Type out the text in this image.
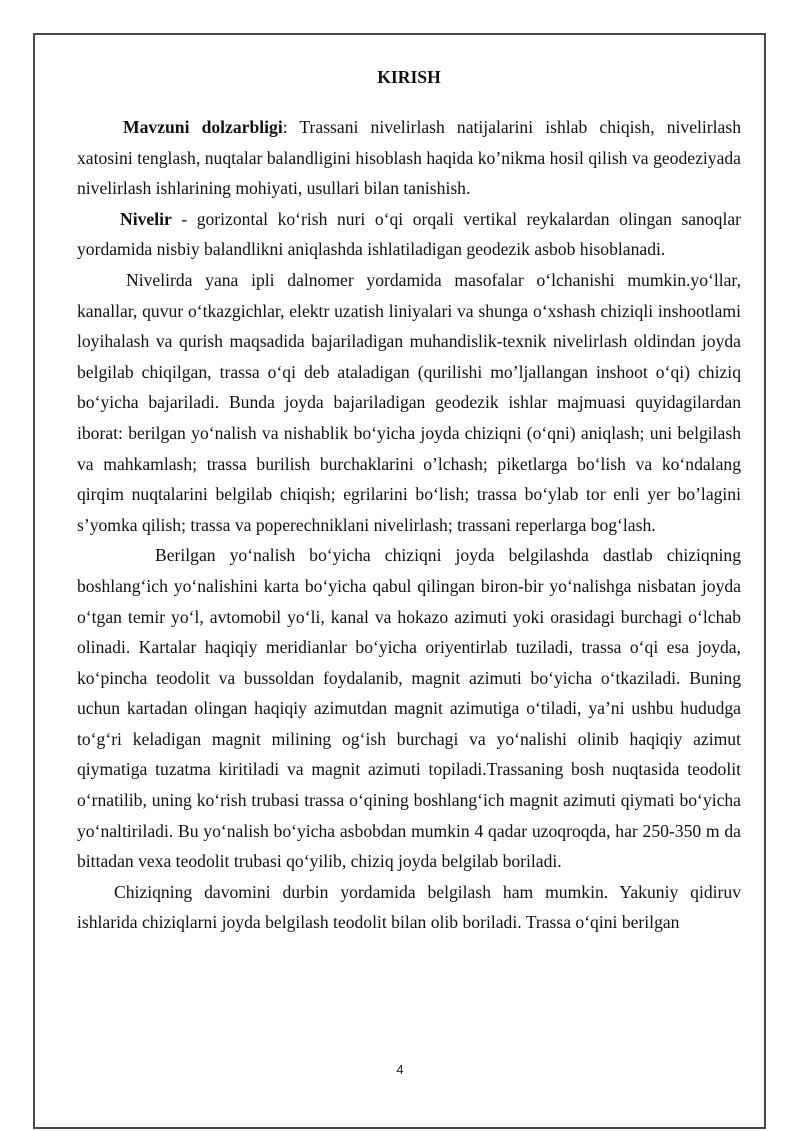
KIRISH

Mavzuni dolzarbligi: Trassani nivelirlash natijalarini ishlab chiqish, nivelirlash xatosini tenglash, nuqtalar balandligini hisoblash haqida ko’nikma hosil qilish va geodeziyada nivelirlash ishlarining mohiyati, usullari bilan tanishish.

Nivelir - gorizontal ko‘rish nuri o‘qi orqali vertikal reykalardan olingan sanoqlar yordamida nisbiy balandlikni aniqlashda ishlatiladigan geodezik asbob hisoblanadi.

Nivelirda yana ipli dalnomer yordamida masofalar o‘lchanishi mumkin.yo‘llar, kanallar, quvur o‘tkazgichlar, elektr uzatish liniyalari va shunga o‘xshash chiziqli inshootlami loyihalash va qurish maqsadida bajariladigan muhandislik-texnik nivelirlash oldindan joyda belgilab chiqilgan, trassa o‘qi deb ataladigan (qurilishi mo’ljallangan inshoot o‘qi) chiziq bo‘yicha bajariladi. Bunda joyda bajariladigan geodezik ishlar majmuasi quyidagilardan iborat: berilgan yo‘nalish va nishablik bo‘yicha joyda chiziqni (o‘qni) aniqlash; uni belgilash va mahkamlash; trassa burilish burchaklarini o’lchash; piketlarga bo‘lish va ko‘ndalang qirqim nuqtalarini belgilab chiqish; egrilarini bo‘lish; trassa bo‘ylab tor enli yer bo’lagini s’yomka qilish; trassa va poperechniklani nivelirlash; trassani reperlarga bog‘lash.

Berilgan yo‘nalish bo‘yicha chiziqni joyda belgilashda dastlab chiziqning boshlang‘ich yo‘nalishini karta bo‘yicha qabul qilingan biron-bir yo‘nalishga nisbatan joyda o‘tgan temir yo‘l, avtomobil yo‘li, kanal va hokazo azimuti yoki orasidagi burchagi o‘lchab olinadi. Kartalar haqiqiy meridianlar bo‘yicha oriyentirlab tuziladi, trassa o‘qi esa joyda, ko‘pincha teodolit va bussoldan foydalanib, magnit azimuti bo‘yicha o‘tkaziladi. Buning uchun kartadan olingan haqiqiy azimutdan magnit azimutiga o‘tiladi, ya’ni ushbu hududga to‘g‘ri keladigan magnit milining og‘ish burchagi va yo‘nalishi olinib haqiqiy azimut qiymatiga tuzatma kiritiladi va magnit azimuti topiladi.Trassaning bosh nuqtasida teodolit o‘rnatilib, uning ko‘rish trubasi trassa o‘qining boshlang‘ich magnit azimuti qiymati bo‘yicha yo‘naltiriladi. Bu yo‘nalish bo‘yicha asbobdan mumkin 4 qadar uzoqroqda, har 250-350 m da bittadan vexa teodolit trubasi qo‘yilib, chiziq joyda belgilab boriladi.

Chiziqning davomini durbin yordamida belgilash ham mumkin. Yakuniy qidiruv ishlarida chiziqlarni joyda belgilash teodolit bilan olib boriladi. Trassa o‘qini berilgan

4
